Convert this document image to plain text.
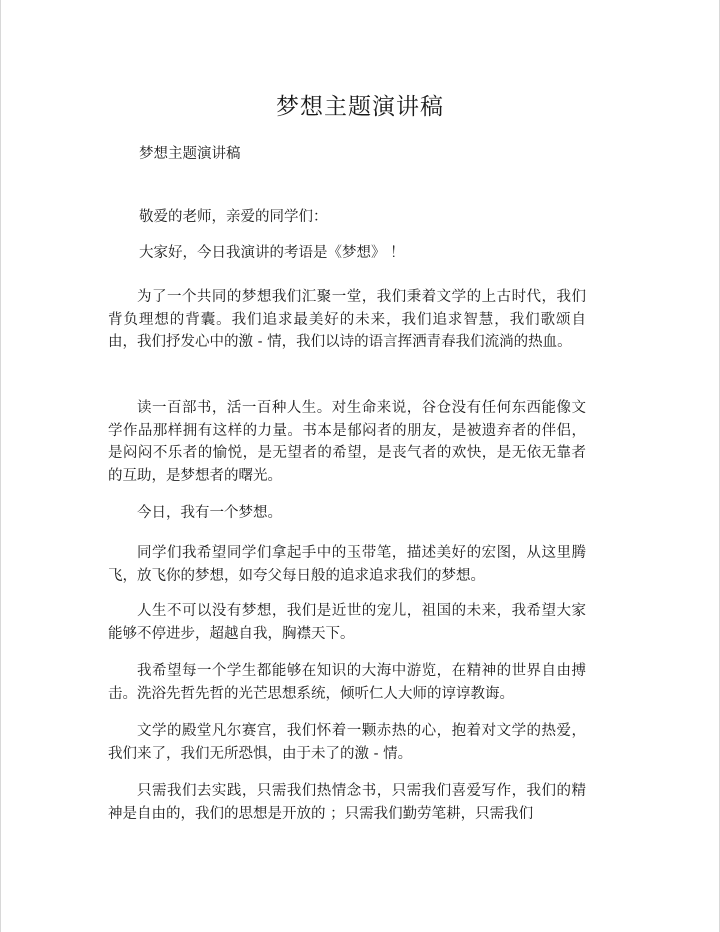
梦想主题演讲稿
梦想主题演讲稿
敬爱的老师，亲爱的同学们：
大家好，今日我演讲的考语是《梦想》 ！
为了一个共同的梦想我们汇聚一堂，我们秉着文学的上古时代，我们背负理想的背囊。我们追求最美好的未来，我们追求智慧，我们歌颂自由，我们抒发心中的激 - 情，我们以诗的语言挥洒青春我们流淌的热血。
读一百部书，活一百种人生。对生命来说，谷仓没有任何东西能像文学作品那样拥有这样的力量。书本是郁闷者的朋友，是被遗弃者的伴侣，是闷闷不乐者的愉悦，是无望者的希望，是丧气者的欢快，是无依无靠者的互助，是梦想者的曙光。
今日，我有一个梦想。
同学们我希望同学们拿起手中的玉带笔，描述美好的宏图，从这里腾飞，放飞你的梦想，如夸父每日般的追求追求我们的梦想。
人生不可以没有梦想，我们是近世的宠儿，祖国的未来，我希望大家能够不停进步，超越自我，胸襟天下。
我希望每一个学生都能够在知识的大海中游览，在精神的世界自由搏击。洗浴先哲先哲的光芒思想系统，倾听仁人大师的谆谆教诲。
文学的殿堂凡尔赛宫，我们怀着一颗赤热的心，抱着对文学的热爱，我们来了，我们无所恐惧，由于未了的激 - 情。
只需我们去实践，只需我们热情念书，只需我们喜爱写作，我们的精神是自由的，我们的思想是开放的 ；只需我们勤劳笔耕，只需我们
